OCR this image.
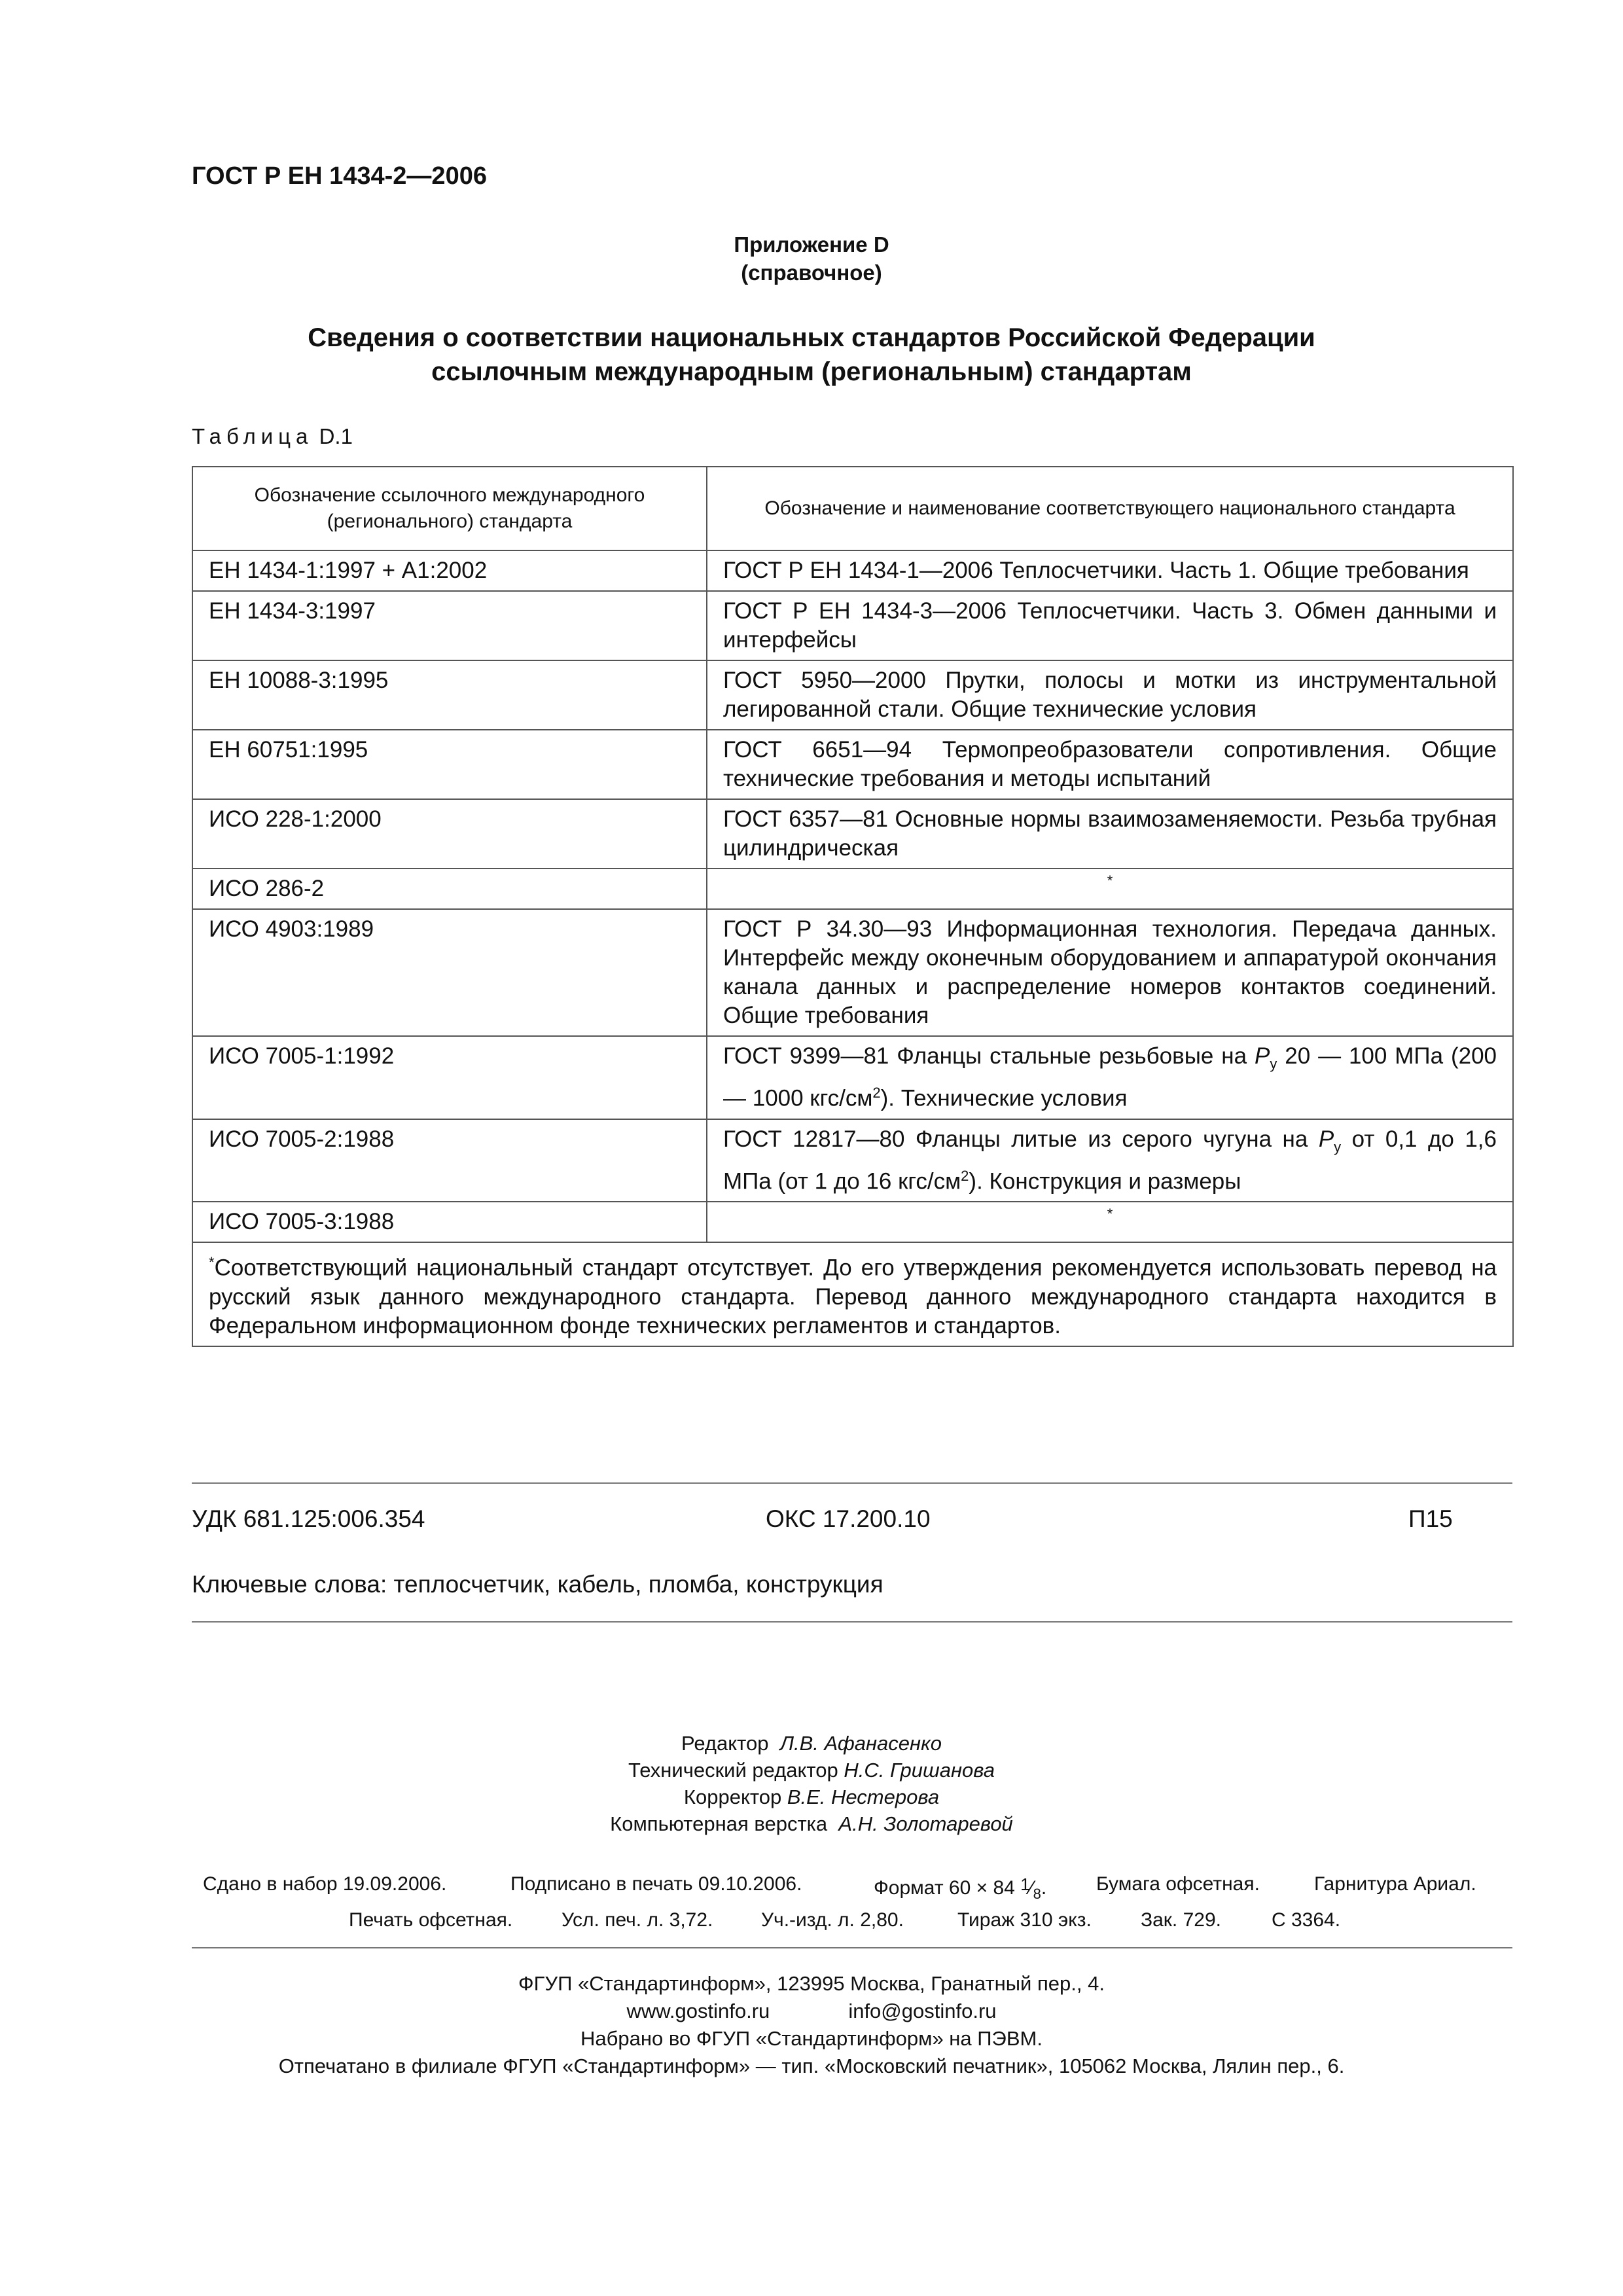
ГОСТ Р ЕН 1434-2—2006
Приложение D
(справочное)
Сведения о соответствии национальных стандартов Российской Федерации
ссылочным международным (региональным) стандартам
Таблица D.1
Обозначение ссылочного международного (регионального) стандарта	Обозначение и наименование соответствующего национального стандарта
ЕН 1434-1:1997 + А1:2002	ГОСТ Р ЕН 1434-1—2006 Теплосчетчики. Часть 1. Общие требования
ЕН 1434-3:1997	ГОСТ Р ЕН 1434-3—2006 Теплосчетчики. Часть 3. Обмен данными и интерфейсы
ЕН 10088-3:1995	ГОСТ 5950—2000 Прутки, полосы и мотки из инструментальной легированной стали. Общие технические условия
ЕН 60751:1995	ГОСТ 6651—94 Термопреобразователи сопротивления. Общие технические требования и методы испытаний
ИСО 228-1:2000	ГОСТ 6357—81 Основные нормы взаимозаменяемости. Резьба трубная цилиндрическая
ИСО 286-2	*
ИСО 4903:1989	ГОСТ Р 34.30—93 Информационная технология. Передача данных. Интерфейс между оконечным оборудованием и аппаратурой окончания канала данных и распределение номеров контактов соединений. Общие требования
ИСО 7005-1:1992	ГОСТ 9399—81 Фланцы стальные резьбовые на $P_y$ 20 — 100 МПа (200 — 1000 кгс/$см^2$). Технические условия
ИСО 7005-2:1988	ГОСТ 12817—80 Фланцы литые из серого чугуна на $P_y$ от 0,1 до 1,6 МПа (от 1 до 16 кгс/$см^2$). Конструкция и размеры
ИСО 7005-3:1988	*
*Соответствующий национальный стандарт отсутствует. До его утверждения рекомендуется использовать перевод на русский язык данного международного стандарта. Перевод данного международного стандарта находится в Федеральном информационном фонде технических регламентов и стандартов.	
УДК 681.125:006.354	ОКС 17.200.10	П15
Ключевые слова: теплосчетчик, кабель, пломба, конструкция
Редактор Л.В. Афанасенко
Технический редактор Н.С. Гришанова
Корректор В.Е. Нестерова
Компьютерная верстка А.Н. Золотаревой
Сдано в набор 19.09.2006.	Подписано в печать 09.10.2006.	Формат 60 × 84 $^1⁄_8$.	Бумага офсетная.	Гарнитура Ариал.
Печать офсетная. Усл. печ. л. 3,72. Уч.-изд. л. 2,80.	Тираж 310 экз.	Зак. 729.	С 3364.
ФГУП «Стандартинформ», 123995 Москва, Гранатный пер., 4.
www.gostinfo.ru	info@gostinfo.ru
Набрано во ФГУП «Стандартинформ» на ПЭВМ.
Отпечатано в филиале ФГУП «Стандартинформ» — тип. «Московский печатник», 105062 Москва, Лялин пер., 6.
